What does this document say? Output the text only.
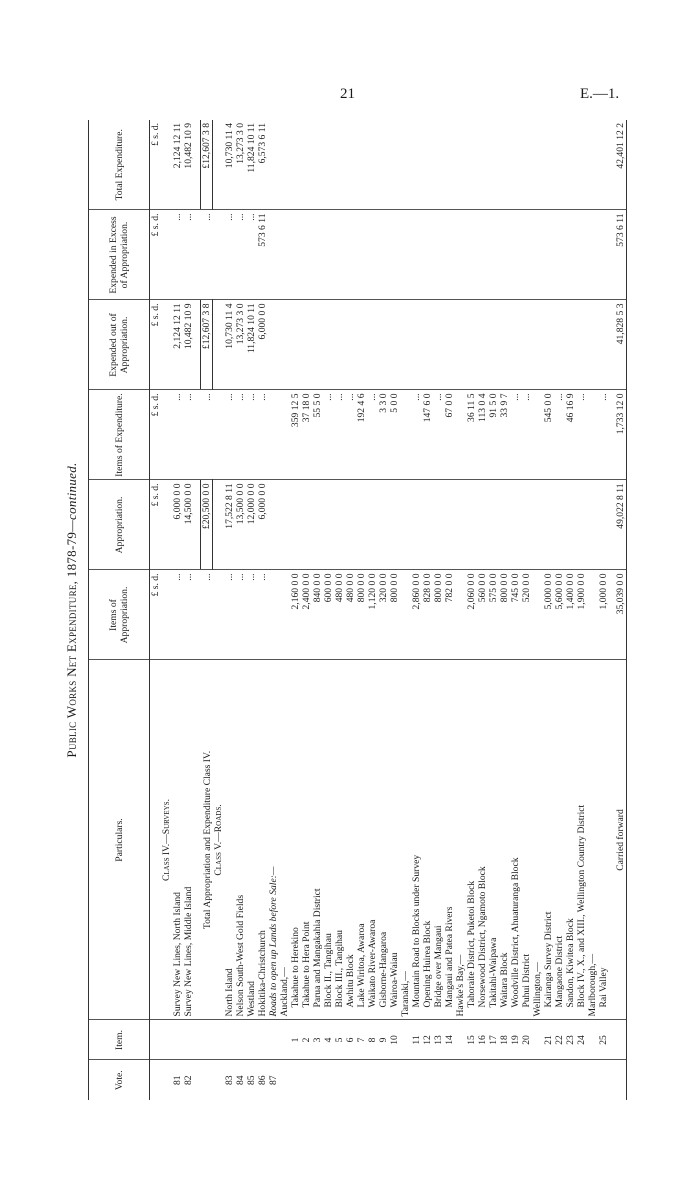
21	E.—1.
Public Works Net Expenditure, 1878-79—continued.
Vote.	Item.	Particulars.	Items of Appropriation.	Appropriation.	Items of Expenditure.	Expended out of Appropriation.	Expended in Excess of Appropriation.	Total Expenditure.
			£ s. d.	£ s. d.	£ s. d.	£ s. d.	£ s. d.	£ s. d.
		Class IV.—Surveys.						
81		Survey New Lines, North Island	...	6,000 0 0	...	2,124 12 11	...	2,124 12 11
82		Survey New Lines, Middle Island	...	14,500 0 0	...	10,482 10 9	...	10,482 10 9

		Total Appropriation and Expenditure Class IV.	...	£20,500 0 0	...	£12,607 3 8	...	£12,607 3 8
		Class V.—Roads.						
83		North Island	...	17,522 8 11	...	10,730 11 4	...	10,730 11 4
84		Nelson South-West Gold Fields	...	13,500 0 0	...	13,273 3 0	...	13,273 3 0
85		Westland	...	12,000 0 0	...	11,824 10 11	...	11,824 10 11
86		Hokitika-Christchurch	...	6,000 0 0	...	6,000 0 0	573 6 11	6,573 6 11
87		Roads to open up Lands before Sale:—						
		Auckland,—						
	1	Takahue to Herekino	2,160 0 0		359 12 5			
	2	Takahue to Hera Point	2,400 0 0		37 18 0			
	3	Parua and Mangakahia District	840 0 0		55 5 0			
	4	Block II., Tangihau	600 0 0		...			
	5	Block III., Tangihau	480 0 0		...			
	6	Awhitu Block	480 0 0		...			
	7	Lake Wiritoa, Awaroa	800 0 0		192 4 6			
	8	Waikato River-Awaroa	1,120 0 0		...			
	9	Gisborne-Hangaroa	320 0 0		3 3 0			
	10	Wairoa-Waiau	800 0 0		5 0 0			
		Taranaki,—						
	11	Mountain Road to Blocks under Survey	2,860 0 0		...			
	12	Opening Huirea Block	828 0 0		147 6 0			
	13	Bridge over Mangaui	800 0 0		...			
	14	Mangaui and Patea Rivers	782 0 0		67 0 0			
		Hawke's Bay,—						
	15	Tahoraite District, Puketoi Block	2,060 0 0		36 11 5			
	16	Norsewood District, Ngamoto Block	560 0 0		113 0 4			
	17	Takitahi-Waipawa	575 0 0		91 5 0			
	18	Waitara Block	800 0 0		33 9 7			
	19	Woodville District, Ahuaturanga Block	745 0 0		...			
	20	Puhui District	520 0 0		...			
		Wellington,—						
	21	Kairanga Survey District	5,000 0 0		545 0 0			
	22	Mangaone District	5,600 0 0		...			
	23	Sandon, Kiwitea Block	1,400 0 0		46 16 9			
	24	Block IV., X., and XIII., Wellington Country District	1,900 0 0		...			
		Marlborough,—						
	25	Rai Valley	1,000 0 0		...			

		Carried forward	35,039 0 0	49,022 8 11	1,733 12 0	41,828 5 3	573 6 11	42,401 12 2
